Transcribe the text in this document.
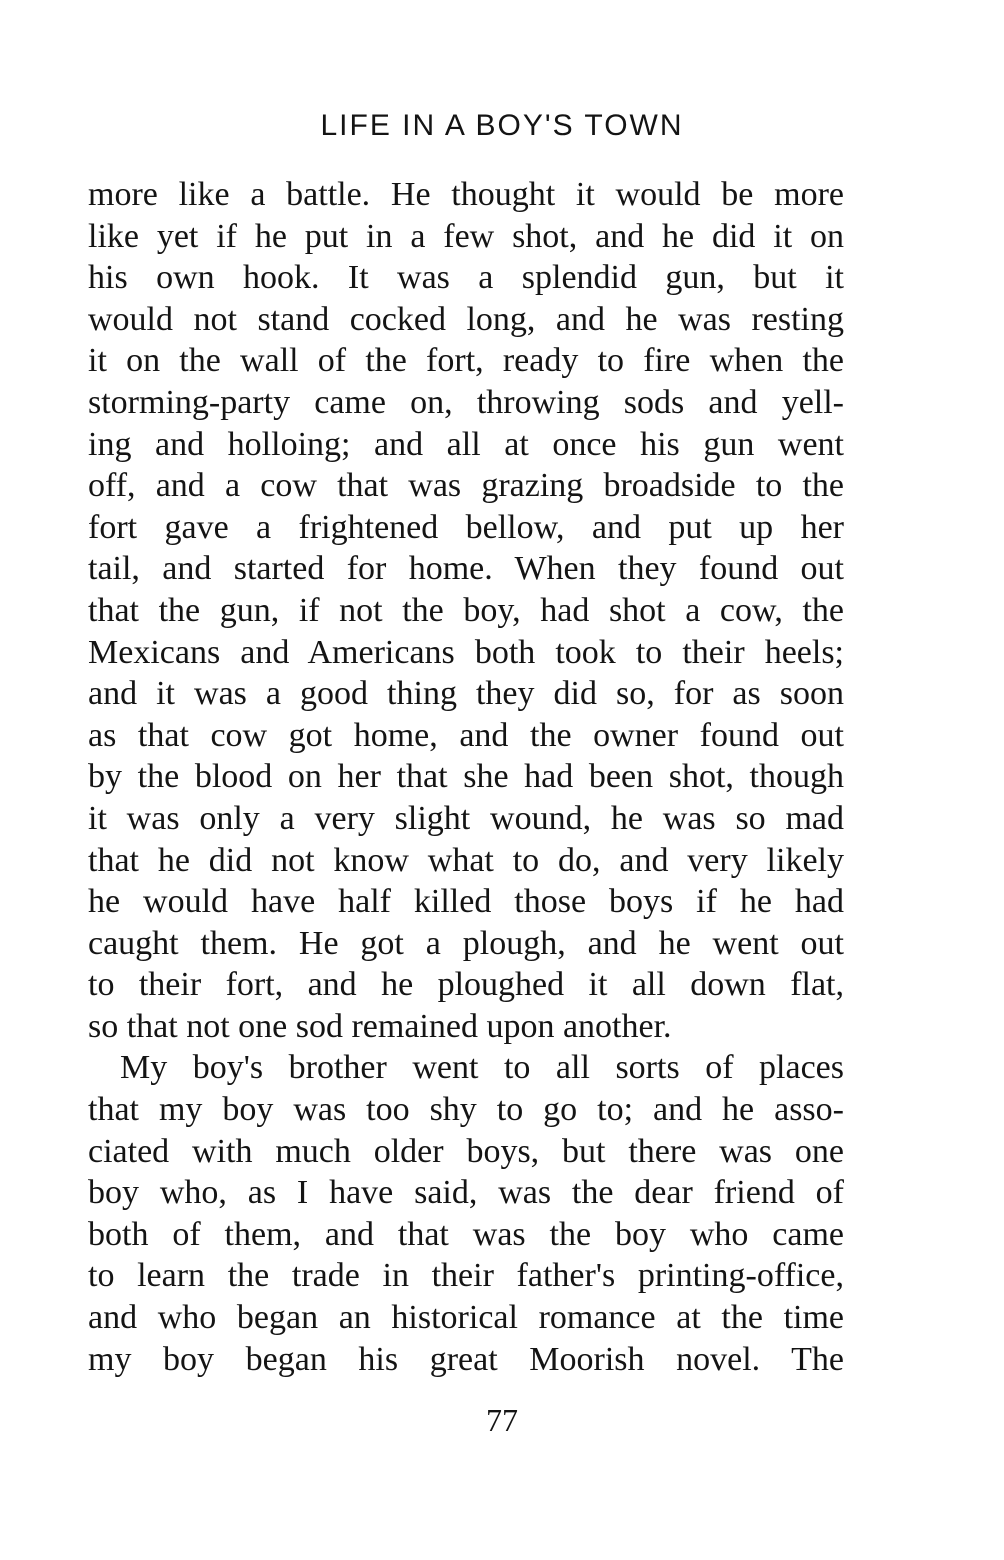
LIFE IN A BOY'S TOWN
more like a battle. He thought it would be more
like yet if he put in a few shot, and he did it on
his own hook. It was a splendid gun, but it
would not stand cocked long, and he was resting
it on the wall of the fort, ready to fire when the
storming-party came on, throwing sods and yell-
ing and holloing; and all at once his gun went
off, and a cow that was grazing broadside to the
fort gave a frightened bellow, and put up her
tail, and started for home. When they found out
that the gun, if not the boy, had shot a cow, the
Mexicans and Americans both took to their heels;
and it was a good thing they did so, for as soon
as that cow got home, and the owner found out
by the blood on her that she had been shot, though
it was only a very slight wound, he was so mad
that he did not know what to do, and very likely
he would have half killed those boys if he had
caught them. He got a plough, and he went out
to their fort, and he ploughed it all down flat,
so that not one sod remained upon another.
My boy's brother went to all sorts of places
that my boy was too shy to go to; and he asso-
ciated with much older boys, but there was one
boy who, as I have said, was the dear friend of
both of them, and that was the boy who came
to learn the trade in their father's printing-office,
and who began an historical romance at the time
my boy began his great Moorish novel. The
77
